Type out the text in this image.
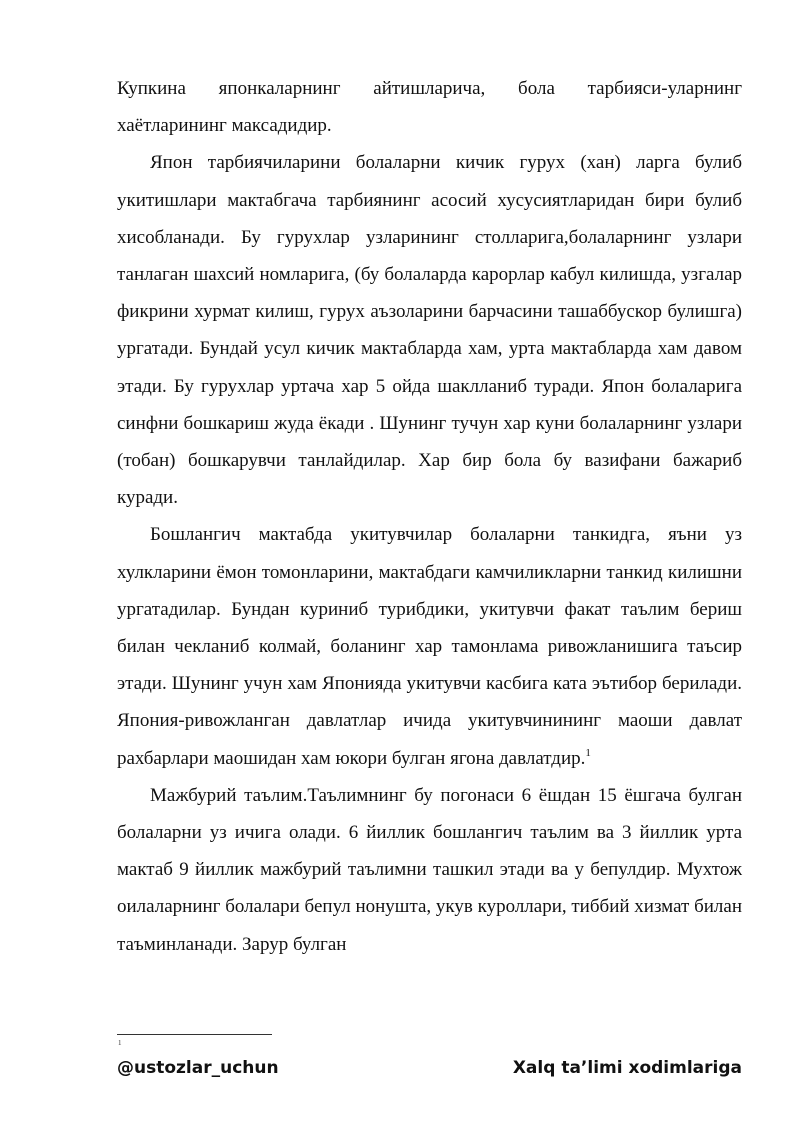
Купкина японкаларнинг айтишларича, бола тарбияси-уларнинг хаётларининг максадидир.

Япон тарбиячиларини болаларни кичик гурух (хан) ларга булиб укитишлари мактабгача тарбиянинг асосий хусусиятларидан бири булиб хисобланади. Бу гурухлар узларининг столларига,болаларнинг узлари танлаган шахсий номларига, (бу болаларда карорлар кабул килишда, узгалар фикрини хурмат килиш, гурух аъзоларини барчасини ташаббускор булишга) ургатади. Бундай усул кичик мактабларда хам, урта мактабларда хам давом этади. Бу гурухлар уртача хар 5 ойда шаклланиб туради. Япон болаларига синфни бошкариш жуда ёкади . Шунинг тучун хар куни болаларнинг узлари (тобан) бошкарувчи танлайдилар. Хар бир бола бу вазифани бажариб куради.

Бошлангич мактабда укитувчилар болаларни танкидга, яъни уз хулкларини ёмон томонларини, мактабдаги камчиликларни танкид килишни ургатадилар. Бундан куриниб турибдики, укитувчи факат таълим бериш билан чекланиб колмай, боланинг хар тамонлама ривожланишига таъсир этади. Шунинг учун хам Японияда укитувчи касбига ката эътибор берилади. Япония-ривожланган давлатлар ичида укитувчинининг маоши давлат рахбарлари маошидан хам юкори булган ягона давлатдир.$^1$

Мажбурий таълим.Таълимнинг бу погонаси 6 ёшдан 15 ёшгача булган болаларни уз ичига олади. 6 йиллик бошлангич таълим ва 3 йиллик урта мактаб 9 йиллик мажбурий таълимни ташкил этади ва у бепулдир. Мухтож оилаларнинг болалари бепул нонушта, укув куроллари, тиббий хизмат билан таъминланади. Зарур булган

1
@ustozlar_uchun	Xalq ta’limi xodimlariga
